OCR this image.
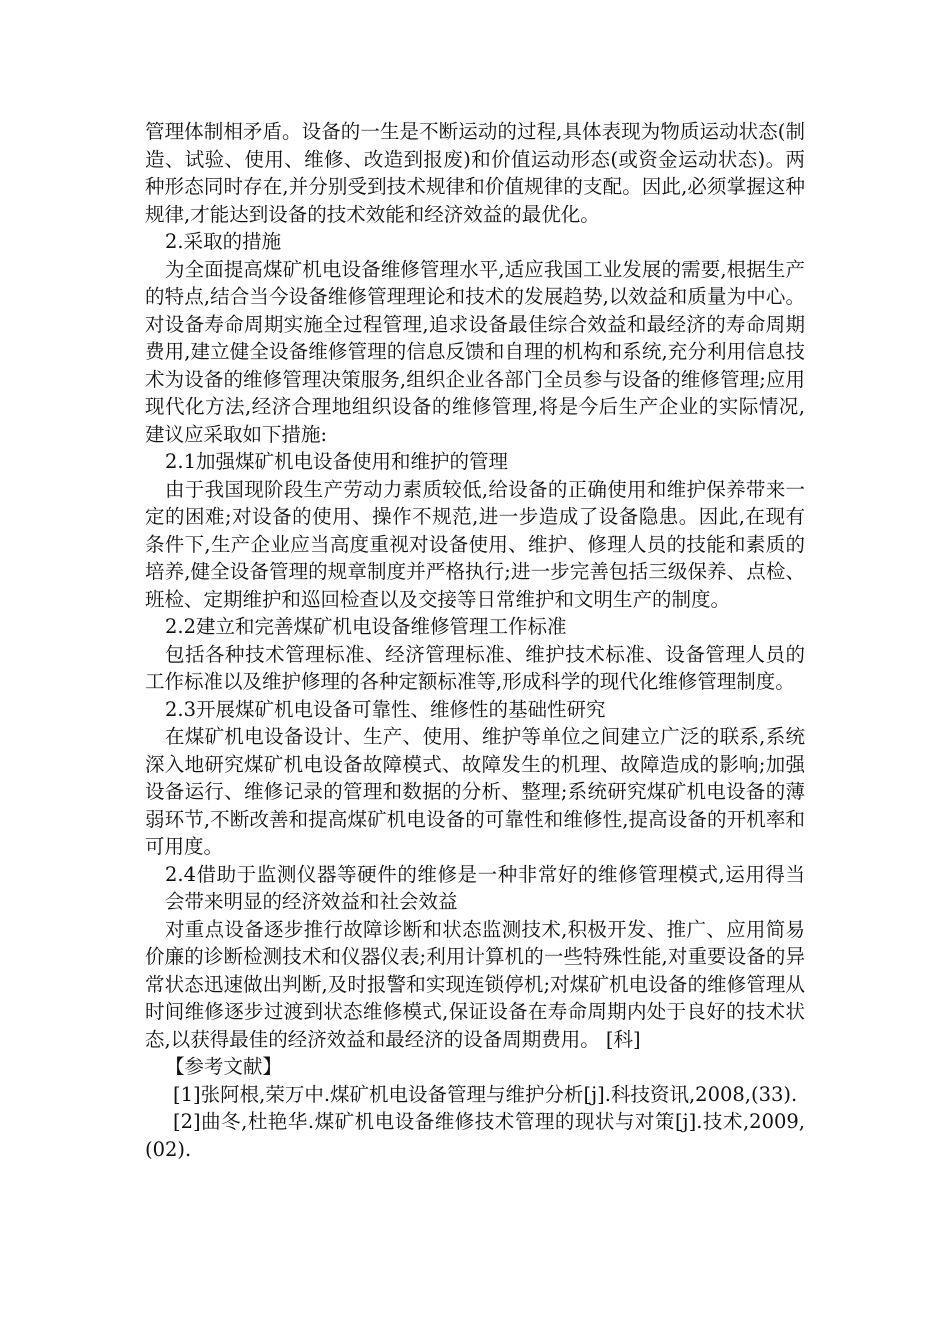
管理体制相矛盾。设备的一生是不断运动的过程,具体表现为物质运动状态(制造、试验、使用、维修、改造到报废)和价值运动形态(或资金运动状态)。两种形态同时存在,并分别受到技术规律和价值规律的支配。因此,必须掌握这种规律,才能达到设备的技术效能和经济效益的最优化。

2.采取的措施

为全面提高煤矿机电设备维修管理水平,适应我国工业发展的需要,根据生产的特点,结合当今设备维修管理理论和技术的发展趋势,以效益和质量为中心。对设备寿命周期实施全过程管理,追求设备最佳综合效益和最经济的寿命周期费用,建立健全设备维修管理的信息反馈和自理的机构和系统,充分利用信息技术为设备的维修管理决策服务,组织企业各部门全员参与设备的维修管理;应用现代化方法,经济合理地组织设备的维修管理,将是今后生产企业的实际情况,建议应采取如下措施:

2.1加强煤矿机电设备使用和维护的管理

由于我国现阶段生产劳动力素质较低,给设备的正确使用和维护保养带来一定的困难;对设备的使用、操作不规范,进一步造成了设备隐患。因此,在现有条件下,生产企业应当高度重视对设备使用、维护、修理人员的技能和素质的培养,健全设备管理的规章制度并严格执行;进一步完善包括三级保养、点检、班检、定期维护和巡回检查以及交接等日常维护和文明生产的制度。

2.2建立和完善煤矿机电设备维修管理工作标准

包括各种技术管理标准、经济管理标准、维护技术标准、设备管理人员的工作标准以及维护修理的各种定额标准等,形成科学的现代化维修管理制度。

2.3开展煤矿机电设备可靠性、维修性的基础性研究

在煤矿机电设备设计、生产、使用、维护等单位之间建立广泛的联系,系统深入地研究煤矿机电设备故障模式、故障发生的机理、故障造成的影响;加强设备运行、维修记录的管理和数据的分析、整理;系统研究煤矿机电设备的薄弱环节,不断改善和提高煤矿机电设备的可靠性和维修性,提高设备的开机率和可用度。

2.4借助于监测仪器等硬件的维修是一种非常好的维修管理模式,运用得当会带来明显的经济效益和社会效益

对重点设备逐步推行故障诊断和状态监测技术,积极开发、推广、应用简易价廉的诊断检测技术和仪器仪表;利用计算机的一些特殊性能,对重要设备的异常状态迅速做出判断,及时报警和实现连锁停机;对煤矿机电设备的维修管理从时间维修逐步过渡到状态维修模式,保证设备在寿命周期内处于良好的技术状态,以获得最佳的经济效益和最经济的设备周期费用。 [科]

【参考文献】

[1]张阿根,荣万中.煤矿机电设备管理与维护分析[j].科技资讯,2008,(33).

[2]曲冬,杜艳华.煤矿机电设备维修技术管理的现状与对策[j].技术,2009,(02).
